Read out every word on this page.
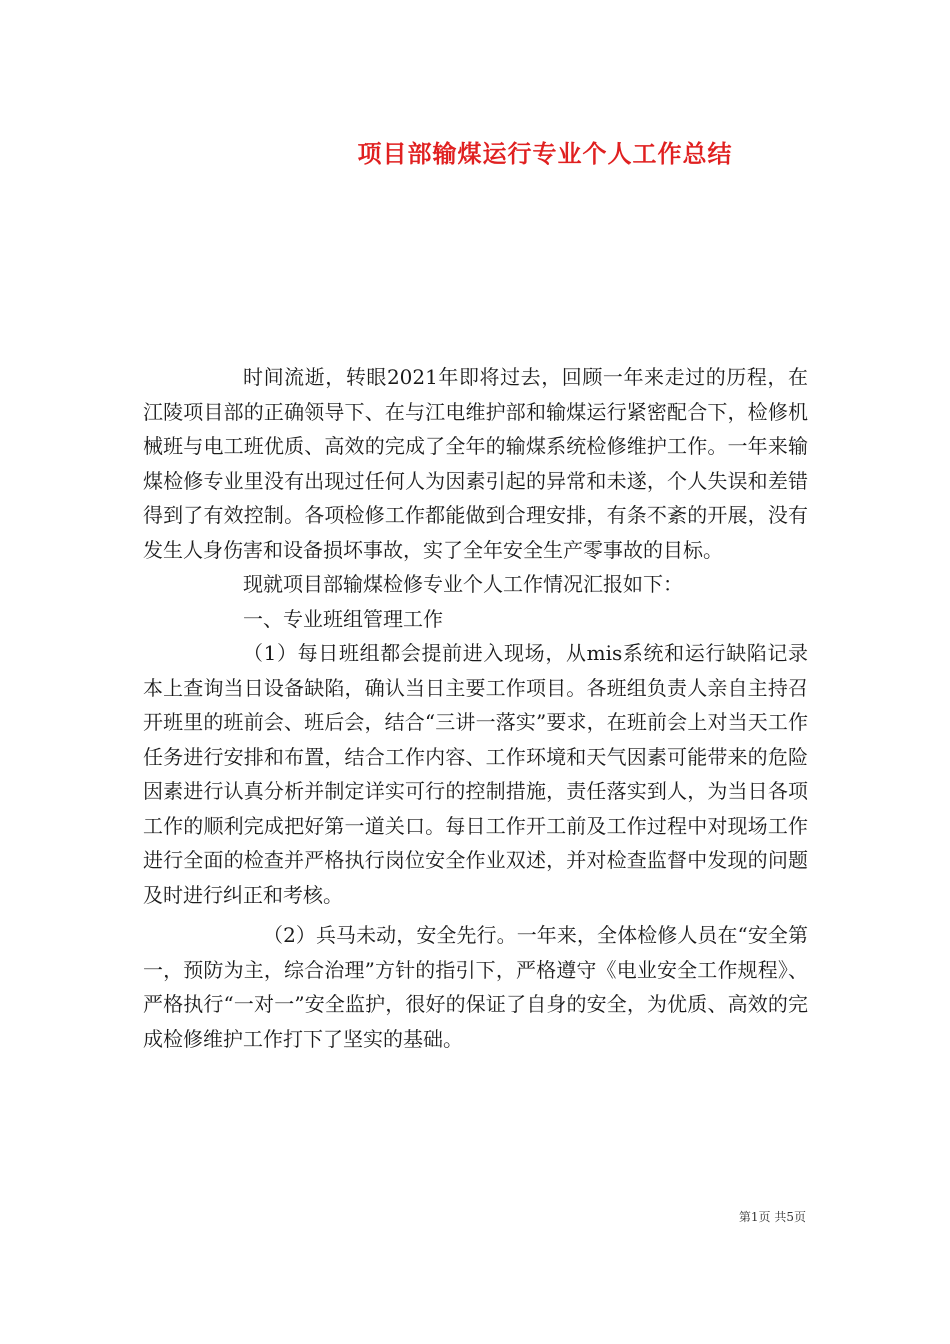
项目部输煤运行专业个人工作总结

时间流逝，转眼2021年即将过去，回顾一年来走过的历程，在江陵项目部的正确领导下、在与江电维护部和输煤运行紧密配合下，检修机械班与电工班优质、高效的完成了全年的输煤系统检修维护工作。一年来输煤检修专业里没有出现过任何人为因素引起的异常和未遂，个人失误和差错得到了有效控制。各项检修工作都能做到合理安排，有条不紊的开展，没有发生人身伤害和设备损坏事故，实了全年安全生产零事故的目标。

现就项目部输煤检修专业个人工作情况汇报如下：

一、专业班组管理工作

（1）每日班组都会提前进入现场，从mis系统和运行缺陷记录本上查询当日设备缺陷，确认当日主要工作项目。各班组负责人亲自主持召开班里的班前会、班后会，结合“三讲一落实”要求，在班前会上对当天工作任务进行安排和布置，结合工作内容、工作环境和天气因素可能带来的危险因素进行认真分析并制定详实可行的控制措施，责任落实到人，为当日各项工作的顺利完成把好第一道关口。每日工作开工前及工作过程中对现场工作进行全面的检查并严格执行岗位安全作业双述，并对检查监督中发现的问题及时进行纠正和考核。

（2）兵马未动，安全先行。一年来，全体检修人员在“安全第一，预防为主，综合治理”方针的指引下，严格遵守《电业安全工作规程》、严格执行“一对一”安全监护，很好的保证了自身的安全，为优质、高效的完成检修维护工作打下了坚实的基础。

第1页 共5页
